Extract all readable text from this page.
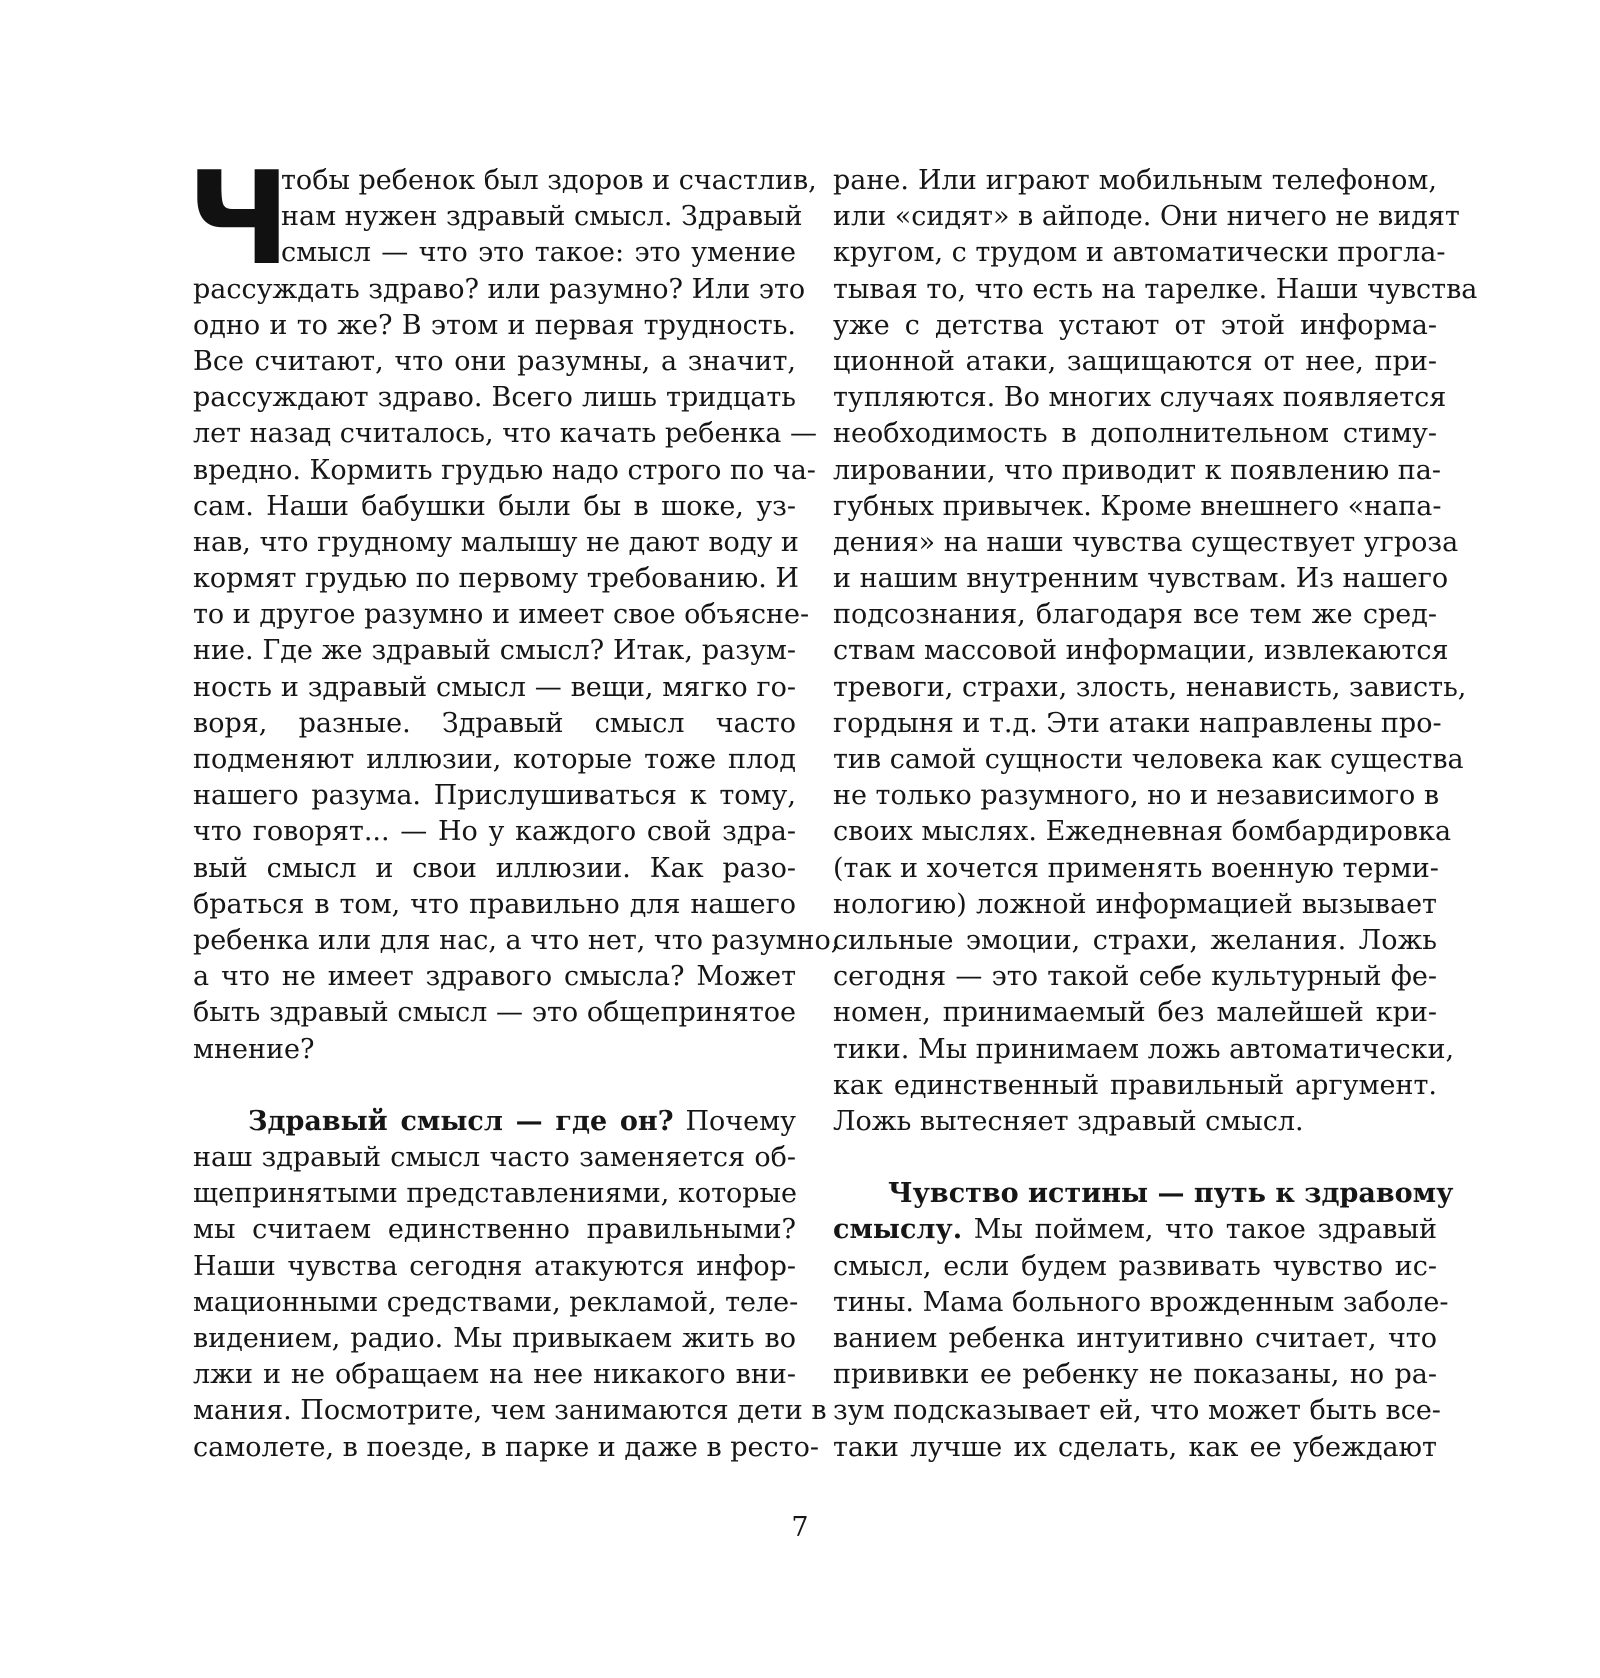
Ч
тобы ребенок был здоров и счастлив,
нам нужен здравый смысл. Здравый
смысл — что это такое: это умение
рассуждать здраво? или разумно? Или это
одно и то же? В этом и первая трудность.
Все считают, что они разумны, а значит,
рассуждают здраво. Всего лишь тридцать
лет назад считалось, что качать ребенка —
вредно. Кормить грудью надо строго по ча-
сам. Наши бабушки были бы в шоке, уз-
нав, что грудному малышу не дают воду и
кормят грудью по первому требованию. И
то и другое разумно и имеет свое объясне-
ние. Где же здравый смысл? Итак, разум-
ность и здравый смысл — вещи, мягко го-
воря, разные. Здравый смысл часто
подменяют иллюзии, которые тоже плод
нашего разума. Прислушиваться к тому,
что говорят... — Но у каждого свой здра-
вый смысл и свои иллюзии. Как разо-
браться в том, что правильно для нашего
ребенка или для нас, а что нет, что разумно,
а что не имеет здравого смысла? Может
быть здравый смысл — это общепринятое
мнение?
Здравый смысл — где он? Почему
наш здравый смысл часто заменяется об-
щепринятыми представлениями, которые
мы считаем единственно правильными?
Наши чувства сегодня атакуются инфор-
мационными средствами, рекламой, теле-
видением, радио. Мы привыкаем жить во
лжи и не обращаем на нее никакого вни-
мания. Посмотрите, чем занимаются дети в
самолете, в поезде, в парке и даже в ресто-
ране. Или играют мобильным телефоном,
или «сидят» в айподе. Они ничего не видят
кругом, с трудом и автоматически прогла-
тывая то, что есть на тарелке. Наши чувства
уже с детства устают от этой информа-
ционной атаки, защищаются от нее, при-
тупляются. Во многих случаях появляется
необходимость в дополнительном стиму-
лировании, что приводит к появлению па-
губных привычек. Кроме внешнего «напа-
дения» на наши чувства существует угроза
и нашим внутренним чувствам. Из нашего
подсознания, благодаря все тем же сред-
ствам массовой информации, извлекаются
тревоги, страхи, злость, ненависть, зависть,
гордыня и т.д. Эти атаки направлены про-
тив самой сущности человека как существа
не только разумного, но и независимого в
своих мыслях. Ежедневная бомбардировка
(так и хочется применять военную терми-
нологию) ложной информацией вызывает
сильные эмоции, страхи, желания. Ложь
сегодня — это такой себе культурный фе-
номен, принимаемый без малейшей кри-
тики. Мы принимаем ложь автоматически,
как единственный правильный аргумент.
Ложь вытесняет здравый смысл.
Чувство истины — путь к здравому
смыслу. Мы поймем, что такое здравый
смысл, если будем развивать чувство ис-
тины. Мама больного врожденным заболе-
ванием ребенка интуитивно считает, что
прививки ее ребенку не показаны, но ра-
зум подсказывает ей, что может быть все-
таки лучше их сделать, как ее убеждают
7
